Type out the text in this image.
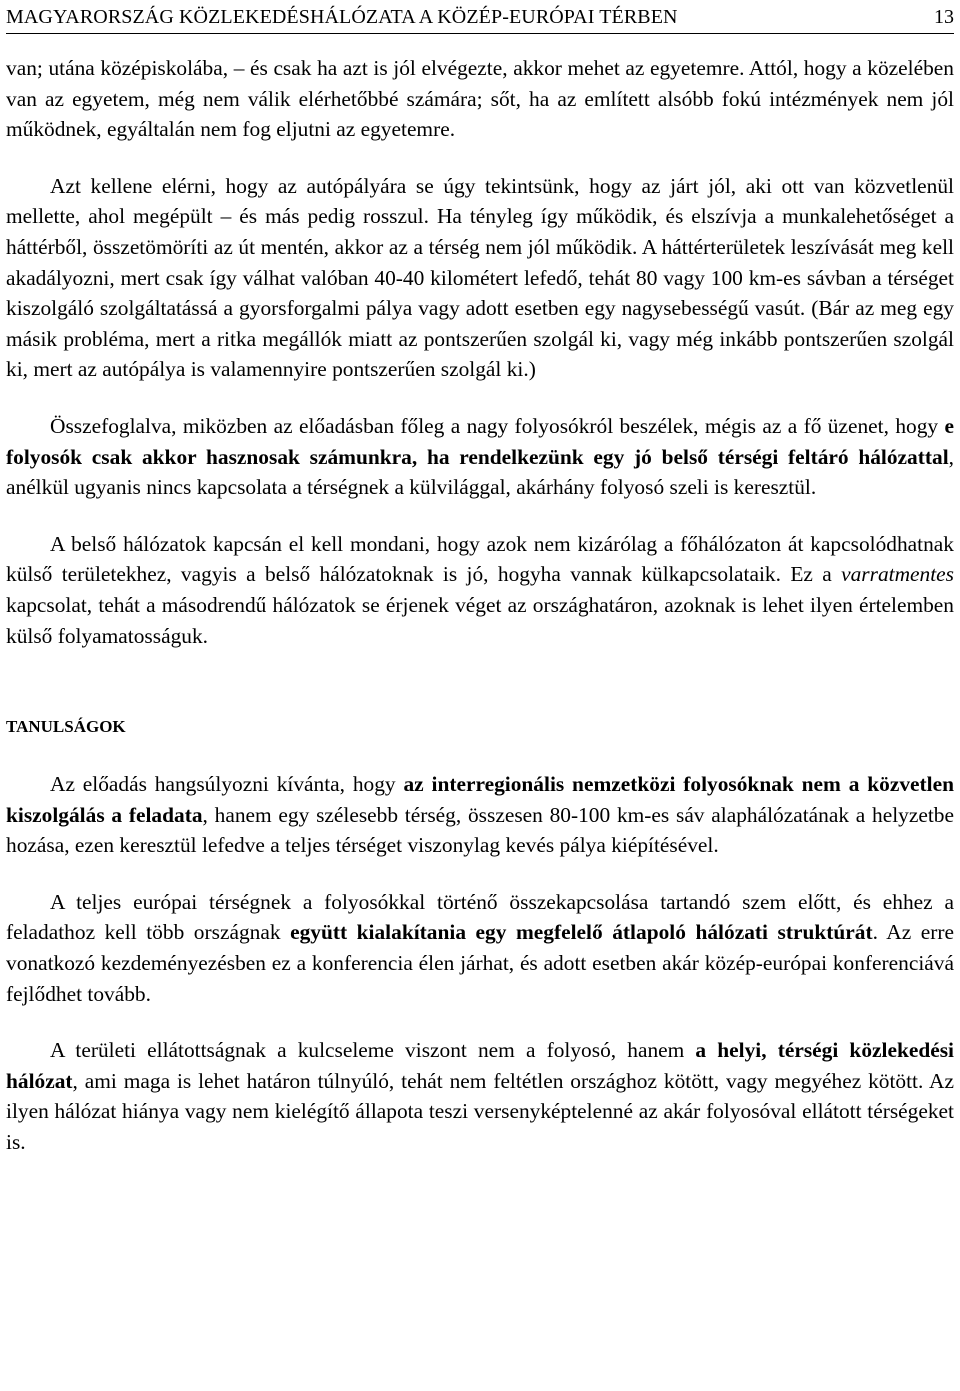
MAGYARORSZÁG KÖZLEKEDÉSHÁLÓZATA A KÖZÉP-EURÓPAI TÉRBEN	13

van; utána középiskolába, – és csak ha azt is jól elvégezte, akkor mehet az egyetemre. Attól, hogy a közelében van az egyetem, még nem válik elérhetőbbé számára; sőt, ha az említett alsóbb fokú intézmények nem jól működnek, egyáltalán nem fog eljutni az egyetemre.

Azt kellene elérni, hogy az autópályára se úgy tekintsünk, hogy az járt jól, aki ott van közvetlenül mellette, ahol megépült – és más pedig rosszul. Ha tényleg így működik, és elszívja a munkalehetőséget a háttérből, összetömöríti az út mentén, akkor az a térség nem jól működik. A háttérterületek leszívását meg kell akadályozni, mert csak így válhat valóban 40-40 kilométert lefedő, tehát 80 vagy 100 km-es sávban a térséget kiszolgáló szolgáltatássá a gyorsforgalmi pálya vagy adott esetben egy nagysebességű vasút. (Bár az meg egy másik probléma, mert a ritka megállók miatt az pontszerűen szolgál ki, vagy még inkább pontszerűen szolgál ki, mert az autópálya is valamennyire pontszerűen szolgál ki.)

Összefoglalva, miközben az előadásban főleg a nagy folyosókról beszélek, mégis az a fő üzenet, hogy e folyosók csak akkor hasznosak számunkra, ha rendelkezünk egy jó belső térségi feltáró hálózattal, anélkül ugyanis nincs kapcsolata a térségnek a külvilággal, akárhány folyosó szeli is keresztül.

A belső hálózatok kapcsán el kell mondani, hogy azok nem kizárólag a főhálózaton át kapcsolódhatnak külső területekhez, vagyis a belső hálózatoknak is jó, hogyha vannak külkapcsolataik. Ez a varratmentes kapcsolat, tehát a másodrendű hálózatok se érjenek véget az országhatáron, azoknak is lehet ilyen értelemben külső folyamatosságuk.

TANULSÁGOK

Az előadás hangsúlyozni kívánta, hogy az interregionális nemzetközi folyosóknak nem a közvetlen kiszolgálás a feladata, hanem egy szélesebb térség, összesen 80-100 km-es sáv alaphálózatának a helyzetbe hozása, ezen keresztül lefedve a teljes térséget viszonylag kevés pálya kiépítésével.

A teljes európai térségnek a folyosókkal történő összekapcsolása tartandó szem előtt, és ehhez a feladathoz kell több országnak együtt kialakítania egy megfelelő átlapoló hálózati struktúrát. Az erre vonatkozó kezdeményezésben ez a konferencia élen járhat, és adott esetben akár közép-európai konferenciává fejlődhet tovább.

A területi ellátottságnak a kulcseleme viszont nem a folyosó, hanem a helyi, térségi közlekedési hálózat, ami maga is lehet határon túlnyúló, tehát nem feltétlen országhoz kötött, vagy megyéhez kötött. Az ilyen hálózat hiánya vagy nem kielégítő állapota teszi versenyképtelenné az akár folyosóval ellátott térségeket is.
